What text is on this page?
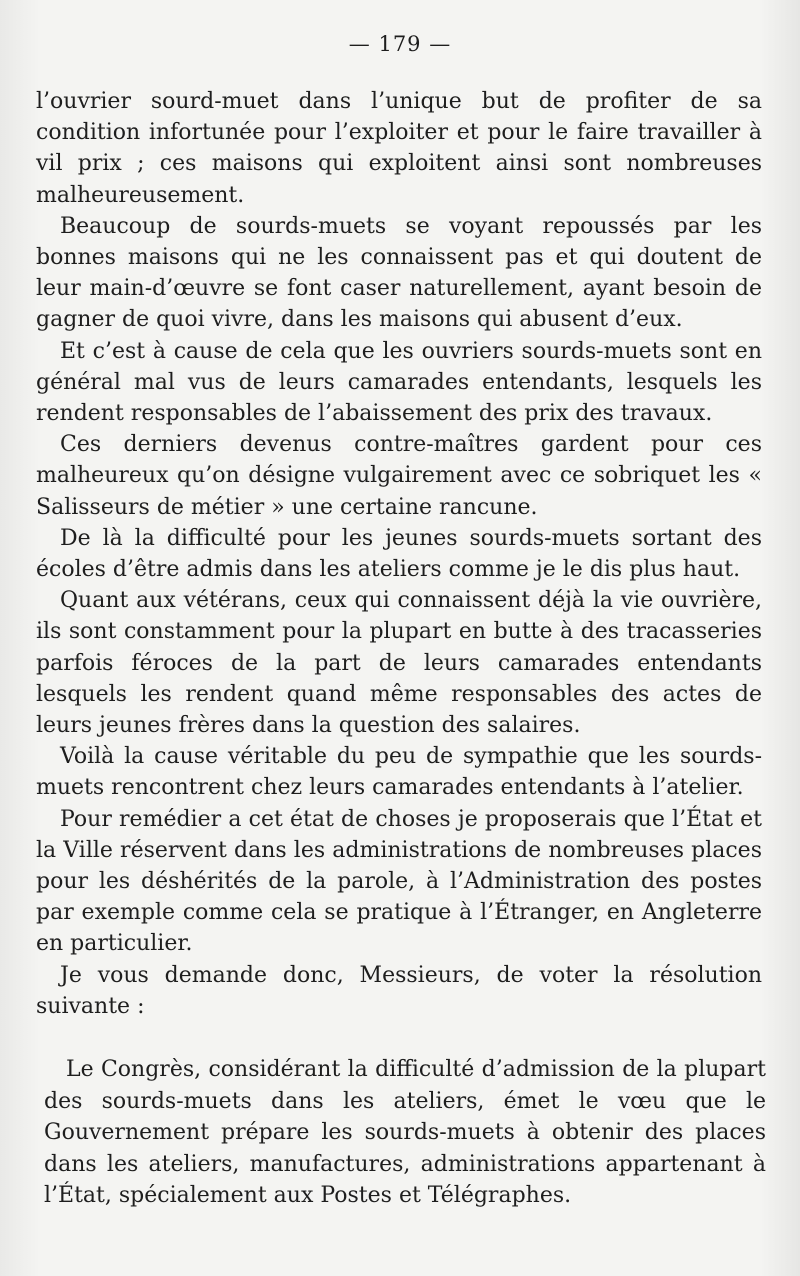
— 179 —

l’ouvrier sourd-muet dans l’unique but de profiter de sa condition infortunée pour l’exploiter et pour le faire travailler à vil prix ; ces maisons qui exploitent ainsi sont nombreuses malheureusement.

Beaucoup de sourds-muets se voyant repoussés par les bonnes maisons qui ne les connaissent pas et qui doutent de leur main-d’œuvre se font caser naturellement, ayant besoin de gagner de quoi vivre, dans les maisons qui abusent d’eux.

Et c’est à cause de cela que les ouvriers sourds-muets sont en général mal vus de leurs camarades entendants, lesquels les rendent responsables de l’abaissement des prix des travaux.

Ces derniers devenus contre-maîtres gardent pour ces malheureux qu’on désigne vulgairement avec ce sobriquet les « Salisseurs de métier » une certaine rancune.

De là la difficulté pour les jeunes sourds-muets sortant des écoles d’être admis dans les ateliers comme je le dis plus haut.

Quant aux vétérans, ceux qui connaissent déjà la vie ouvrière, ils sont constamment pour la plupart en butte à des tracasseries parfois féroces de la part de leurs camarades entendants lesquels les rendent quand même responsables des actes de leurs jeunes frères dans la question des salaires.

Voilà la cause véritable du peu de sympathie que les sourds-muets rencontrent chez leurs camarades entendants à l’atelier.

Pour remédier a cet état de choses je proposerais que l’État et la Ville réservent dans les administrations de nombreuses places pour les déshérités de la parole, à l’Administration des postes par exemple comme cela se pratique à l’Étranger, en Angleterre en particulier.

Je vous demande donc, Messieurs, de voter la résolution suivante :

Le Congrès, considérant la difficulté d’admission de la plupart des sourds-muets dans les ateliers, émet le vœu que le Gouvernement prépare les sourds-muets à obtenir des places dans les ateliers, manufactures, administrations appartenant à l’État, spécialement aux Postes et Télégraphes.
